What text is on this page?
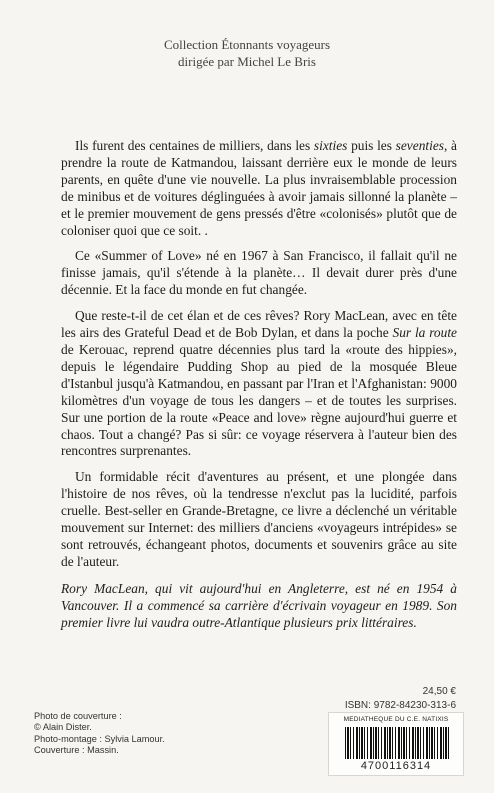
Collection Étonnants voyageurs
dirigée par Michel Le Bris

Ils furent des centaines de milliers, dans les sixties puis les seventies, à prendre la route de Katmandou, laissant derrière eux le monde de leurs parents, en quête d'une vie nouvelle. La plus invraisemblable procession de minibus et de voitures déglinguées à avoir jamais sillonné la planète – et le premier mouvement de gens pressés d'être «colonisés» plutôt que de coloniser quoi que ce soit. .

Ce «Summer of Love» né en 1967 à San Francisco, il fallait qu'il ne finisse jamais, qu'il s'étende à la planète… Il devait durer près d'une décennie. Et la face du monde en fut changée.

Que reste-t-il de cet élan et de ces rêves? Rory MacLean, avec en tête les airs des Grateful Dead et de Bob Dylan, et dans la poche Sur la route de Kerouac, reprend quatre décennies plus tard la «route des hippies», depuis le légendaire Pudding Shop au pied de la mosquée Bleue d'Istanbul jusqu'à Katmandou, en passant par l'Iran et l'Afghanistan: 9000 kilomètres d'un voyage de tous les dangers – et de toutes les surprises. Sur une portion de la route «Peace and love» règne aujourd'hui guerre et chaos. Tout a changé? Pas si sûr: ce voyage réservera à l'auteur bien des rencontres surprenantes.

Un formidable récit d'aventures au présent, et une plongée dans l'histoire de nos rêves, où la tendresse n'exclut pas la lucidité, parfois cruelle. Best-seller en Grande-Bretagne, ce livre a déclenché un véritable mouvement sur Internet: des milliers d'anciens «voyageurs intrépides» se sont retrouvés, échangeant photos, documents et souvenirs grâce au site de l'auteur.

Rory MacLean, qui vit aujourd'hui en Angleterre, est né en 1954 à Vancouver. Il a commencé sa carrière d'écrivain voyageur en 1989. Son premier livre lui vaudra outre-Atlantique plusieurs prix littéraires.

24,50 €
ISBN: 9782-84230-313-6
MEDIATHEQUE DU C.E. NATIXIS
4700116314
Photo de couverture :
© Alain Dister.
Photo-montage : Sylvia Lamour.
Couverture : Massin.
